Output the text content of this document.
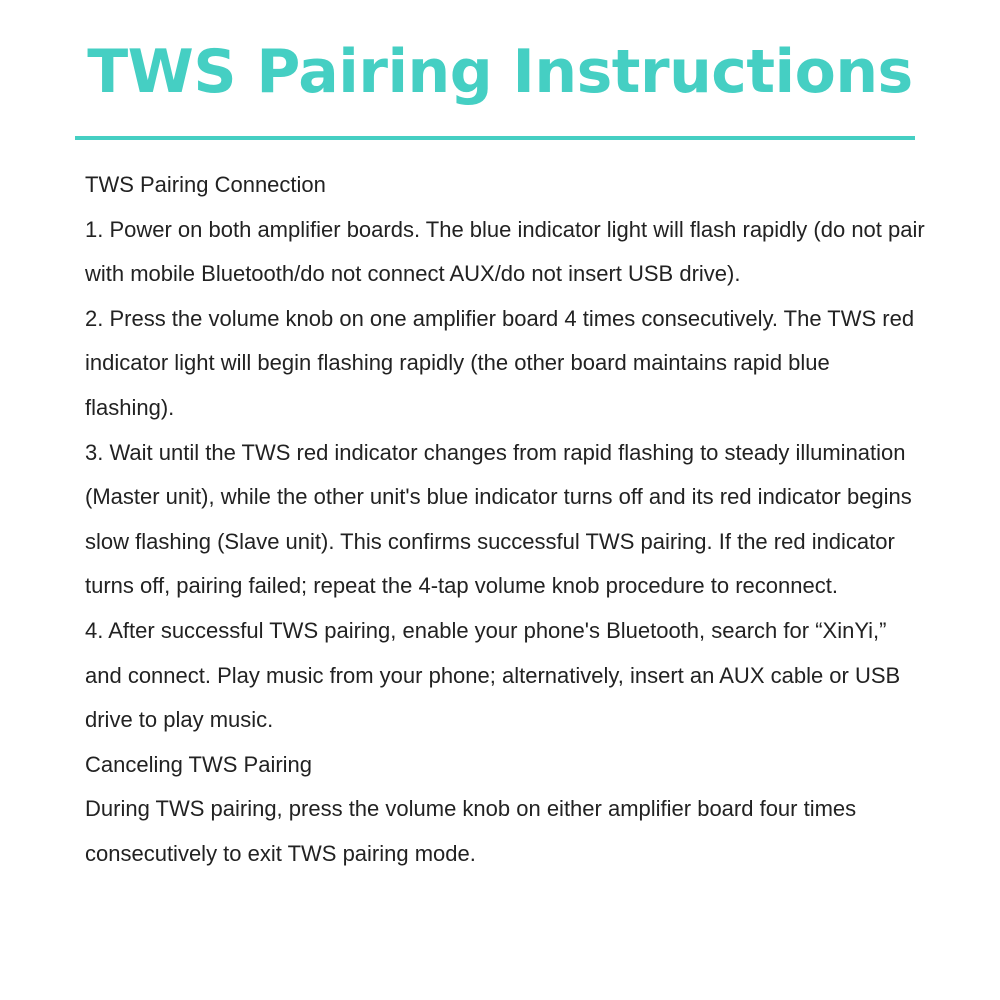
TWS Pairing Instructions

TWS Pairing Connection

1. Power on both amplifier boards. The blue indicator light will flash rapidly (do not pair with mobile Bluetooth/do not connect AUX/do not insert USB drive).

2. Press the volume knob on one amplifier board 4 times consecutively. The TWS red indicator light will begin flashing rapidly (the other board maintains rapid blue flashing).

3. Wait until the TWS red indicator changes from rapid flashing to steady illumination (Master unit), while the other unit's blue indicator turns off and its red indicator begins slow flashing (Slave unit). This confirms successful TWS pairing. If the red indicator turns off, pairing failed; repeat the 4-tap volume knob procedure to reconnect.

4. After successful TWS pairing, enable your phone's Bluetooth, search for “XinYi,” and connect. Play music from your phone; alternatively, insert an AUX cable or USB drive to play music.

Canceling TWS Pairing

During TWS pairing, press the volume knob on either amplifier board four times consecutively to exit TWS pairing mode.
